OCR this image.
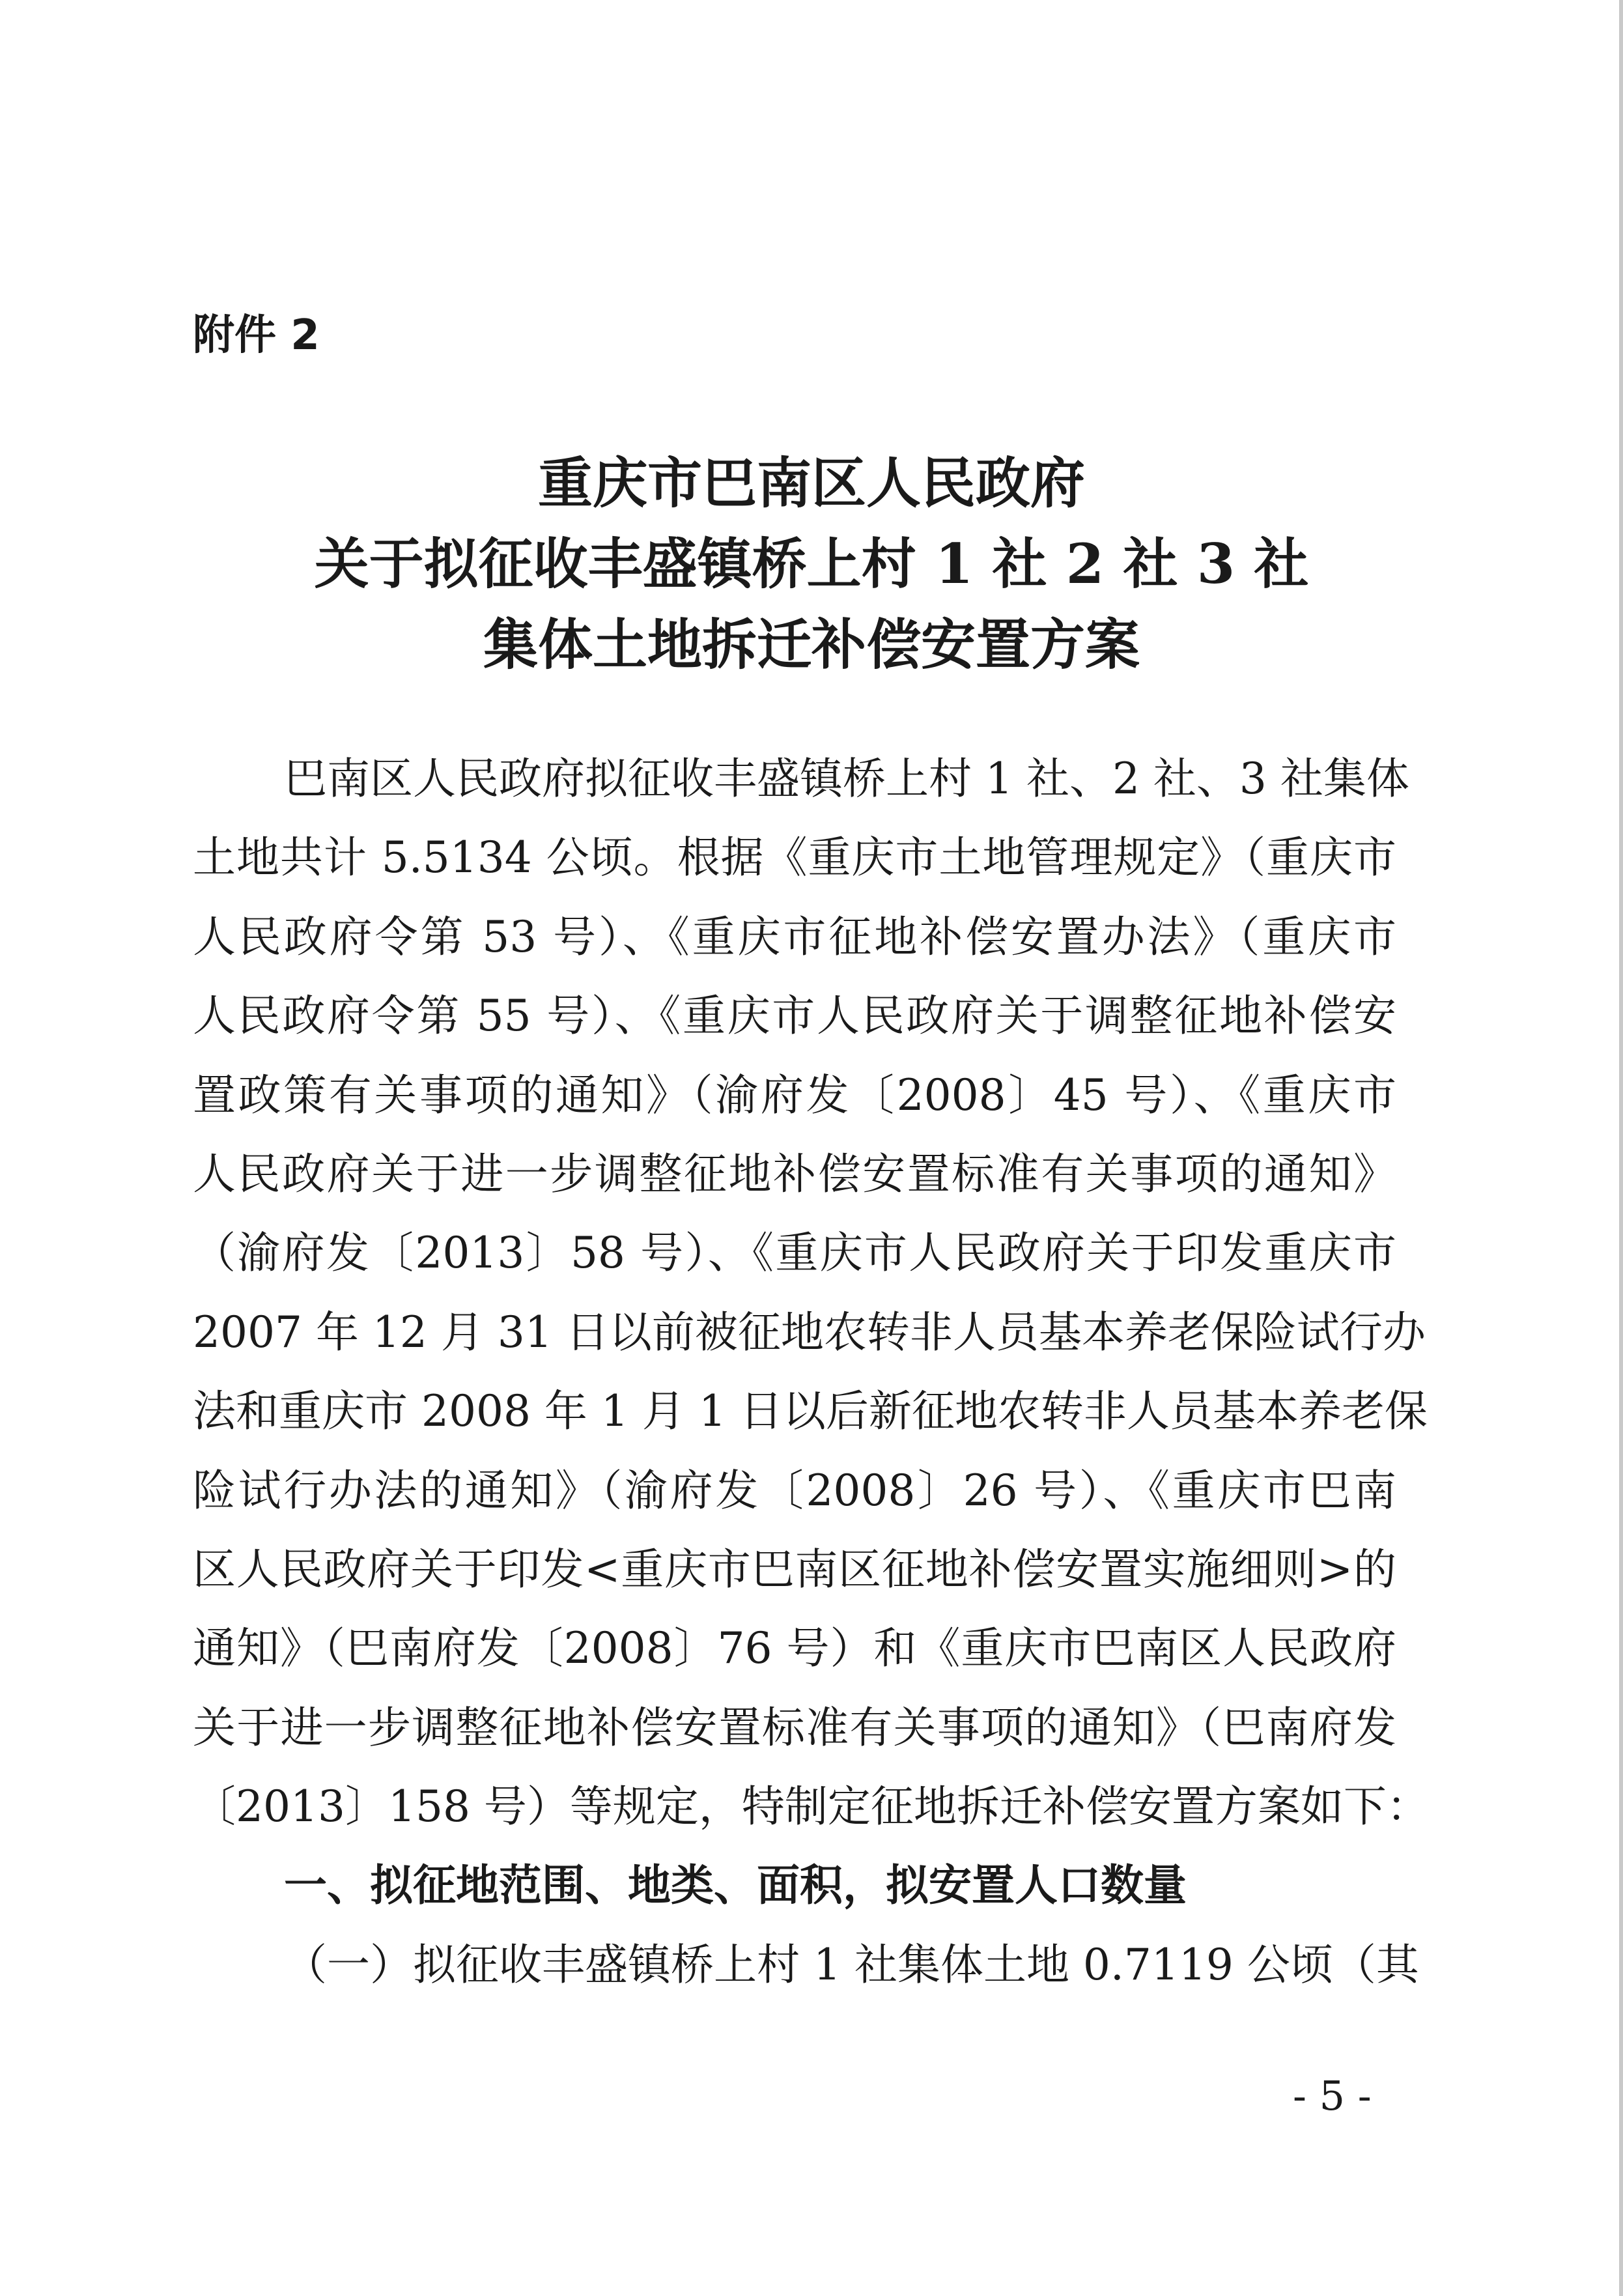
附件 2
重庆市巴南区人民政府
关于拟征收丰盛镇桥上村 1 社 2 社 3 社
集体土地拆迁补偿安置方案
巴南区人民政府拟征收丰盛镇桥上村 1 社、2 社、3 社集体
土地共计 5.5134 公顷。根据《重庆市土地管理规定》（重庆市
人民政府令第 53 号）、《重庆市征地补偿安置办法》（重庆市
人民政府令第 55 号）、《重庆市人民政府关于调整征地补偿安
置政策有关事项的通知》（渝府发〔2008〕45 号）、《重庆市
人民政府关于进一步调整征地补偿安置标准有关事项的通知》
（渝府发〔2013〕58 号）、《重庆市人民政府关于印发重庆市
2007 年 12 月 31 日以前被征地农转非人员基本养老保险试行办
法和重庆市 2008 年 1 月 1 日以后新征地农转非人员基本养老保
险试行办法的通知》（渝府发〔2008〕26 号）、《重庆市巴南
区人民政府关于印发<重庆市巴南区征地补偿安置实施细则>的
通知》（巴南府发〔2008〕76 号）和《重庆市巴南区人民政府
关于进一步调整征地补偿安置标准有关事项的通知》（巴南府发
〔2013〕158 号）等规定，特制定征地拆迁补偿安置方案如下：
一、拟征地范围、地类、面积，拟安置人口数量
（一）拟征收丰盛镇桥上村 1 社集体土地 0.7119 公顷（其
- 5 -
